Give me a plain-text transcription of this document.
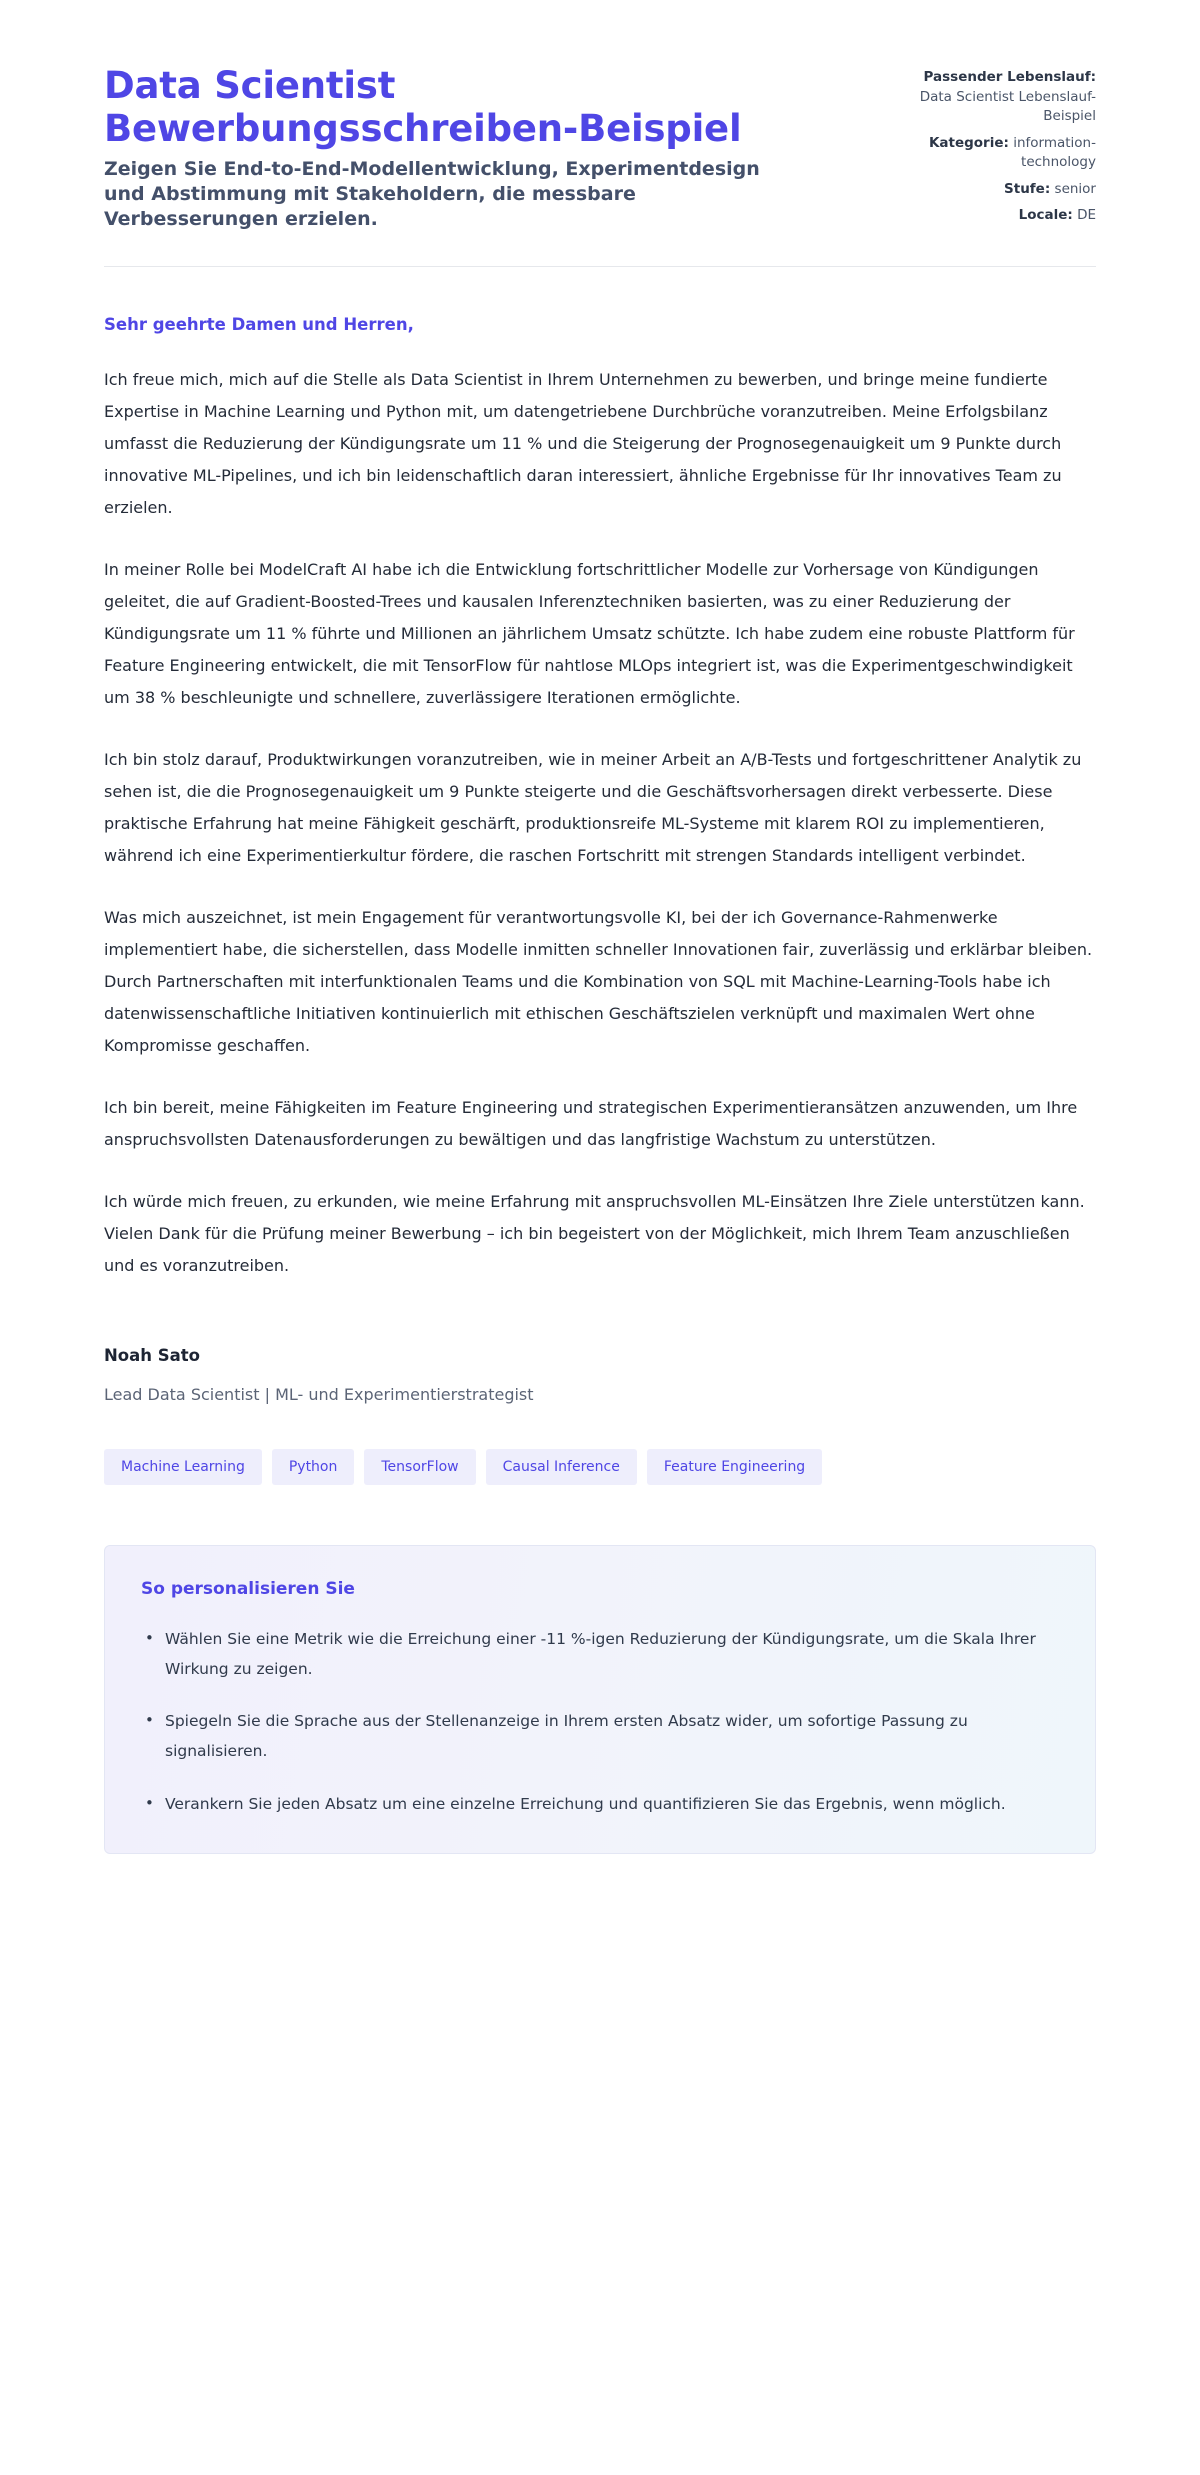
Data Scientist Bewerbungsschreiben-Beispiel

Zeigen Sie End-to-End-Modellentwicklung, Experimentdesign und Abstimmung mit Stakeholdern, die messbare Verbesserungen erzielen.

Passender Lebenslauf: Data Scientist Lebenslauf-Beispiel
Kategorie: information-technology
Stufe: senior
Locale: DE

Sehr geehrte Damen und Herren,

Ich freue mich, mich auf die Stelle als Data Scientist in Ihrem Unternehmen zu bewerben, und bringe meine fundierte Expertise in Machine Learning und Python mit, um datengetriebene Durchbrüche voranzutreiben. Meine Erfolgsbilanz umfasst die Reduzierung der Kündigungsrate um 11 % und die Steigerung der Prognosegenauigkeit um 9 Punkte durch innovative ML-Pipelines, und ich bin leidenschaftlich daran interessiert, ähnliche Ergebnisse für Ihr innovatives Team zu erzielen.

In meiner Rolle bei ModelCraft AI habe ich die Entwicklung fortschrittlicher Modelle zur Vorhersage von Kündigungen geleitet, die auf Gradient-Boosted-Trees und kausalen Inferenztechniken basierten, was zu einer Reduzierung der Kündigungsrate um 11 % führte und Millionen an jährlichem Umsatz schützte. Ich habe zudem eine robuste Plattform für Feature Engineering entwickelt, die mit TensorFlow für nahtlose MLOps integriert ist, was die Experimentgeschwindigkeit um 38 % beschleunigte und schnellere, zuverlässigere Iterationen ermöglichte.

Ich bin stolz darauf, Produktwirkungen voranzutreiben, wie in meiner Arbeit an A/B-Tests und fortgeschrittener Analytik zu sehen ist, die die Prognosegenauigkeit um 9 Punkte steigerte und die Geschäftsvorhersagen direkt verbesserte. Diese praktische Erfahrung hat meine Fähigkeit geschärft, produktionsreife ML-Systeme mit klarem ROI zu implementieren, während ich eine Experimentierkultur fördere, die raschen Fortschritt mit strengen Standards intelligent verbindet.

Was mich auszeichnet, ist mein Engagement für verantwortungsvolle KI, bei der ich Governance-Rahmenwerke implementiert habe, die sicherstellen, dass Modelle inmitten schneller Innovationen fair, zuverlässig und erklärbar bleiben. Durch Partnerschaften mit interfunktionalen Teams und die Kombination von SQL mit Machine-Learning-Tools habe ich datenwissenschaftliche Initiativen kontinuierlich mit ethischen Geschäftszielen verknüpft und maximalen Wert ohne Kompromisse geschaffen.

Ich bin bereit, meine Fähigkeiten im Feature Engineering und strategischen Experimentieransätzen anzuwenden, um Ihre anspruchsvollsten Datenausforderungen zu bewältigen und das langfristige Wachstum zu unterstützen.

Ich würde mich freuen, zu erkunden, wie meine Erfahrung mit anspruchsvollen ML-Einsätzen Ihre Ziele unterstützen kann. Vielen Dank für die Prüfung meiner Bewerbung – ich bin begeistert von der Möglichkeit, mich Ihrem Team anzuschließen und es voranzutreiben.

Noah Sato

Lead Data Scientist | ML- und Experimentierstrategist

Machine Learning	Python	TensorFlow	Causal Inference	Feature Engineering
So personalisieren Sie
• Wählen Sie eine Metrik wie die Erreichung einer -11 %-igen Reduzierung der Kündigungsrate, um die Skala Ihrer Wirkung zu zeigen.
• Spiegeln Sie die Sprache aus der Stellenanzeige in Ihrem ersten Absatz wider, um sofortige Passung zu signalisieren.
• Verankern Sie jeden Absatz um eine einzelne Erreichung und quantifizieren Sie das Ergebnis, wenn möglich.
